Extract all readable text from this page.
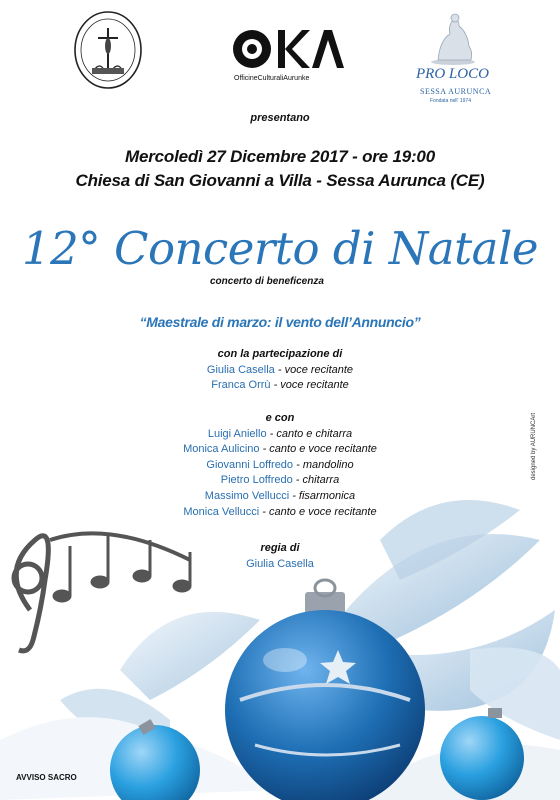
OfficineCulturaliAurunke	PRO LOCO
SESSA AURUNCA
Fondata nell' 1974
presentano
Mercoledì 27 Dicembre 2017 - ore 19:00
Chiesa di San Giovanni a Villa - Sessa Aurunca (CE)
12° Concerto di Natale
concerto di beneficenza
“Maestrale di marzo: il vento dell’Annuncio”
con la partecipazione di
Giulia Casella - voce recitante
Franca Orrù - voce recitante
e con
Luigi Aniello - canto e chitarra
Monica Aulicino - canto e voce recitante
Giovanni Loffredo - mandolino
Pietro Loffredo - chitarra
Massimo Vellucci - fisarmonica
Monica Vellucci - canto e voce recitante
regia di
Giulia Casella
designed by AURUNCArt
AVVISO SACRO
